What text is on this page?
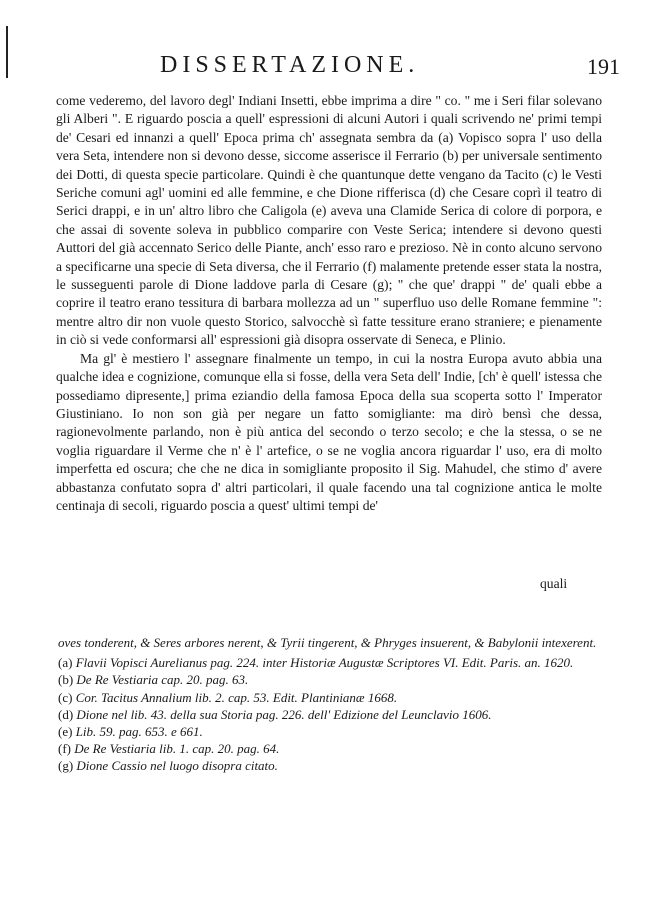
DISSERTAZIONE.	191

come vederemo, del lavoro degl' Indiani Insetti, ebbe imprima a dire " co. " me i Seri filar solevano gli Alberi ". E riguardo poscia a quell' espressioni di alcuni Autori i quali scrivendo ne' primi tempi de' Cesari ed innanzi a quell' Epoca prima ch' assegnata sembra da (a) Vopisco sopra l' uso della vera Seta, intendere non si devono desse, siccome asserisce il Ferrario (b) per universale sentimento dei Dotti, di questa specie particolare. Quindi è che quantunque dette vengano da Tacito (c) le Vesti Seriche comuni agl' uomini ed alle femmine, e che Dione rifferisca (d) che Cesare coprì il teatro di Serici drappi, e in un' altro libro che Caligola (e) aveva una Clamide Serica di colore di porpora, e che assai di sovente soleva in pubblico comparire con Veste Serica; intendere si devono questi Auttori del già accennato Serico delle Piante, anch' esso raro e prezioso. Nè in conto alcuno servono a specificarne una specie di Seta diversa, che il Ferrario (f) malamente pretende esser stata la nostra, le susseguenti parole di Dione laddove parla di Cesare (g); " che que' drappi " de' quali ebbe a coprire il teatro erano tessitura di barbara mollezza ad un " superfluo uso delle Romane femmine ": mentre altro dir non vuole questo Storico, salvocchè sì fatte tessiture erano straniere; e pienamente in ciò si vede conformarsi all' espressioni già disopra osservate di Seneca, e Plinio.

Ma gl' è mestiero l' assegnare finalmente un tempo, in cui la nostra Europa avuto abbia una qualche idea e cognizione, comunque ella si fosse, della vera Seta dell' Indie, [ch' è quell' istessa che possediamo dipresente,] prima eziandio della famosa Epoca della sua scoperta sotto l' Imperator Giustiniano. Io non son già per negare un fatto somigliante: ma dirò bensì che dessa, ragionevolmente parlando, non è più antica del secondo o terzo secolo; e che la stessa, o se ne voglia riguardare il Verme che n' è l' artefice, o se ne voglia ancora riguardar l' uso, era di molto imperfetta ed oscura; che che ne dica in somigliante proposito il Sig. Mahudel, che stimo d' avere abbastanza confutato sopra d' altri particolari, il quale facendo una tal cognizione antica le molte centinaja di secoli, riguardo poscia a quest' ultimi tempi de'

quali

oves tonderent, & Seres arbores nerent, & Tyrii tingerent, & Phryges insuerent, & Babylonii intexerent.

(a) Flavii Vopisci Aurelianus pag. 224. inter Historiæ Augustæ Scriptores VI. Edit. Paris. an. 1620.

(b) De Re Vestiaria cap. 20. pag. 63.

(c) Cor. Tacitus Annalium lib. 2. cap. 53. Edit. Plantinianæ 1668.

(d) Dione nel lib. 43. della sua Storia pag. 226. dell' Edizione del Leunclavio 1606.

(e) Lib. 59. pag. 653. e 661.

(f) De Re Vestiaria lib. 1. cap. 20. pag. 64.

(g) Dione Cassio nel luogo disopra citato.
